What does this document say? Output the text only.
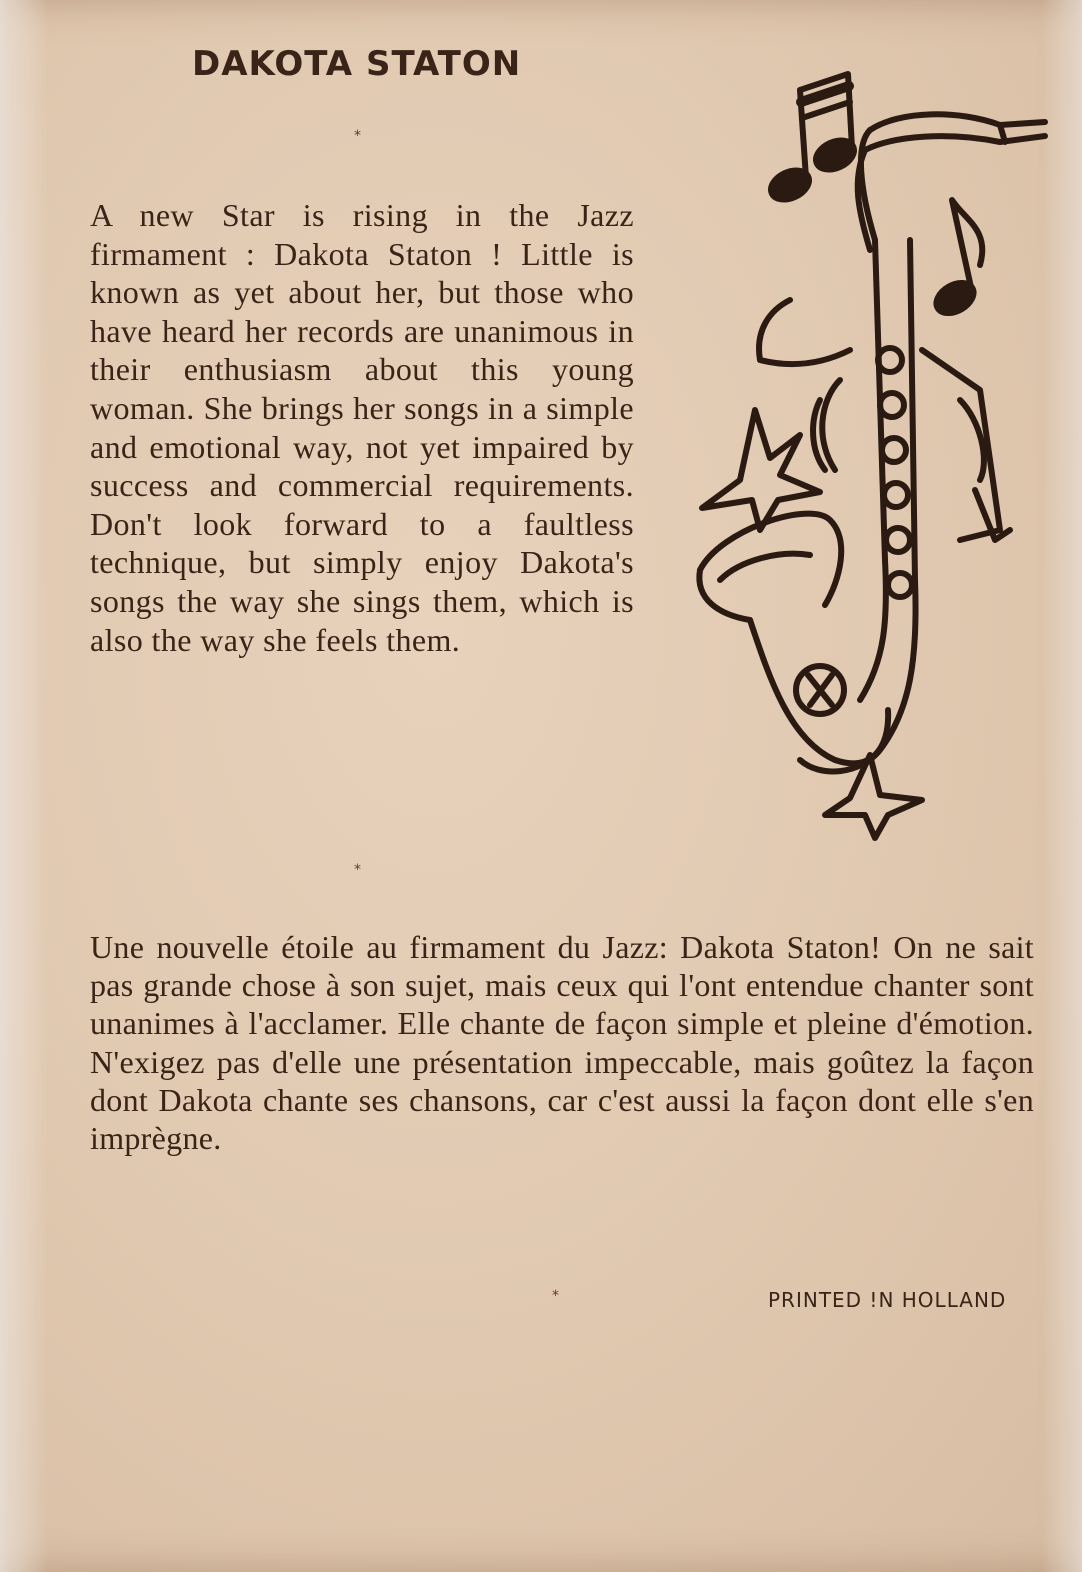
DAKOTA STATON
*

A new Star is rising in the Jazz firmament : Dakota Staton ! Little is known as yet about her, but those who have heard her records are unanimous in their enthusiasm about this young woman. She brings her songs in a simple and emotional way, not yet impaired by success and commercial requirements. Don't look forward to a faultless technique, but simply enjoy Dakota's songs the way she sings them, which is also the way she feels them.

*

Une nouvelle étoile au firmament du Jazz: Dakota Staton! On ne sait pas grande chose à son sujet, mais ceux qui l'ont entendue chanter sont unanimes à l'acclamer. Elle chante de façon simple et pleine d'émotion. N'exigez pas d'elle une présentation impeccable, mais goûtez la façon dont Dakota chante ses chansons, car c'est aussi la façon dont elle s'en imprègne.

*	PRINTED !N HOLLAND
